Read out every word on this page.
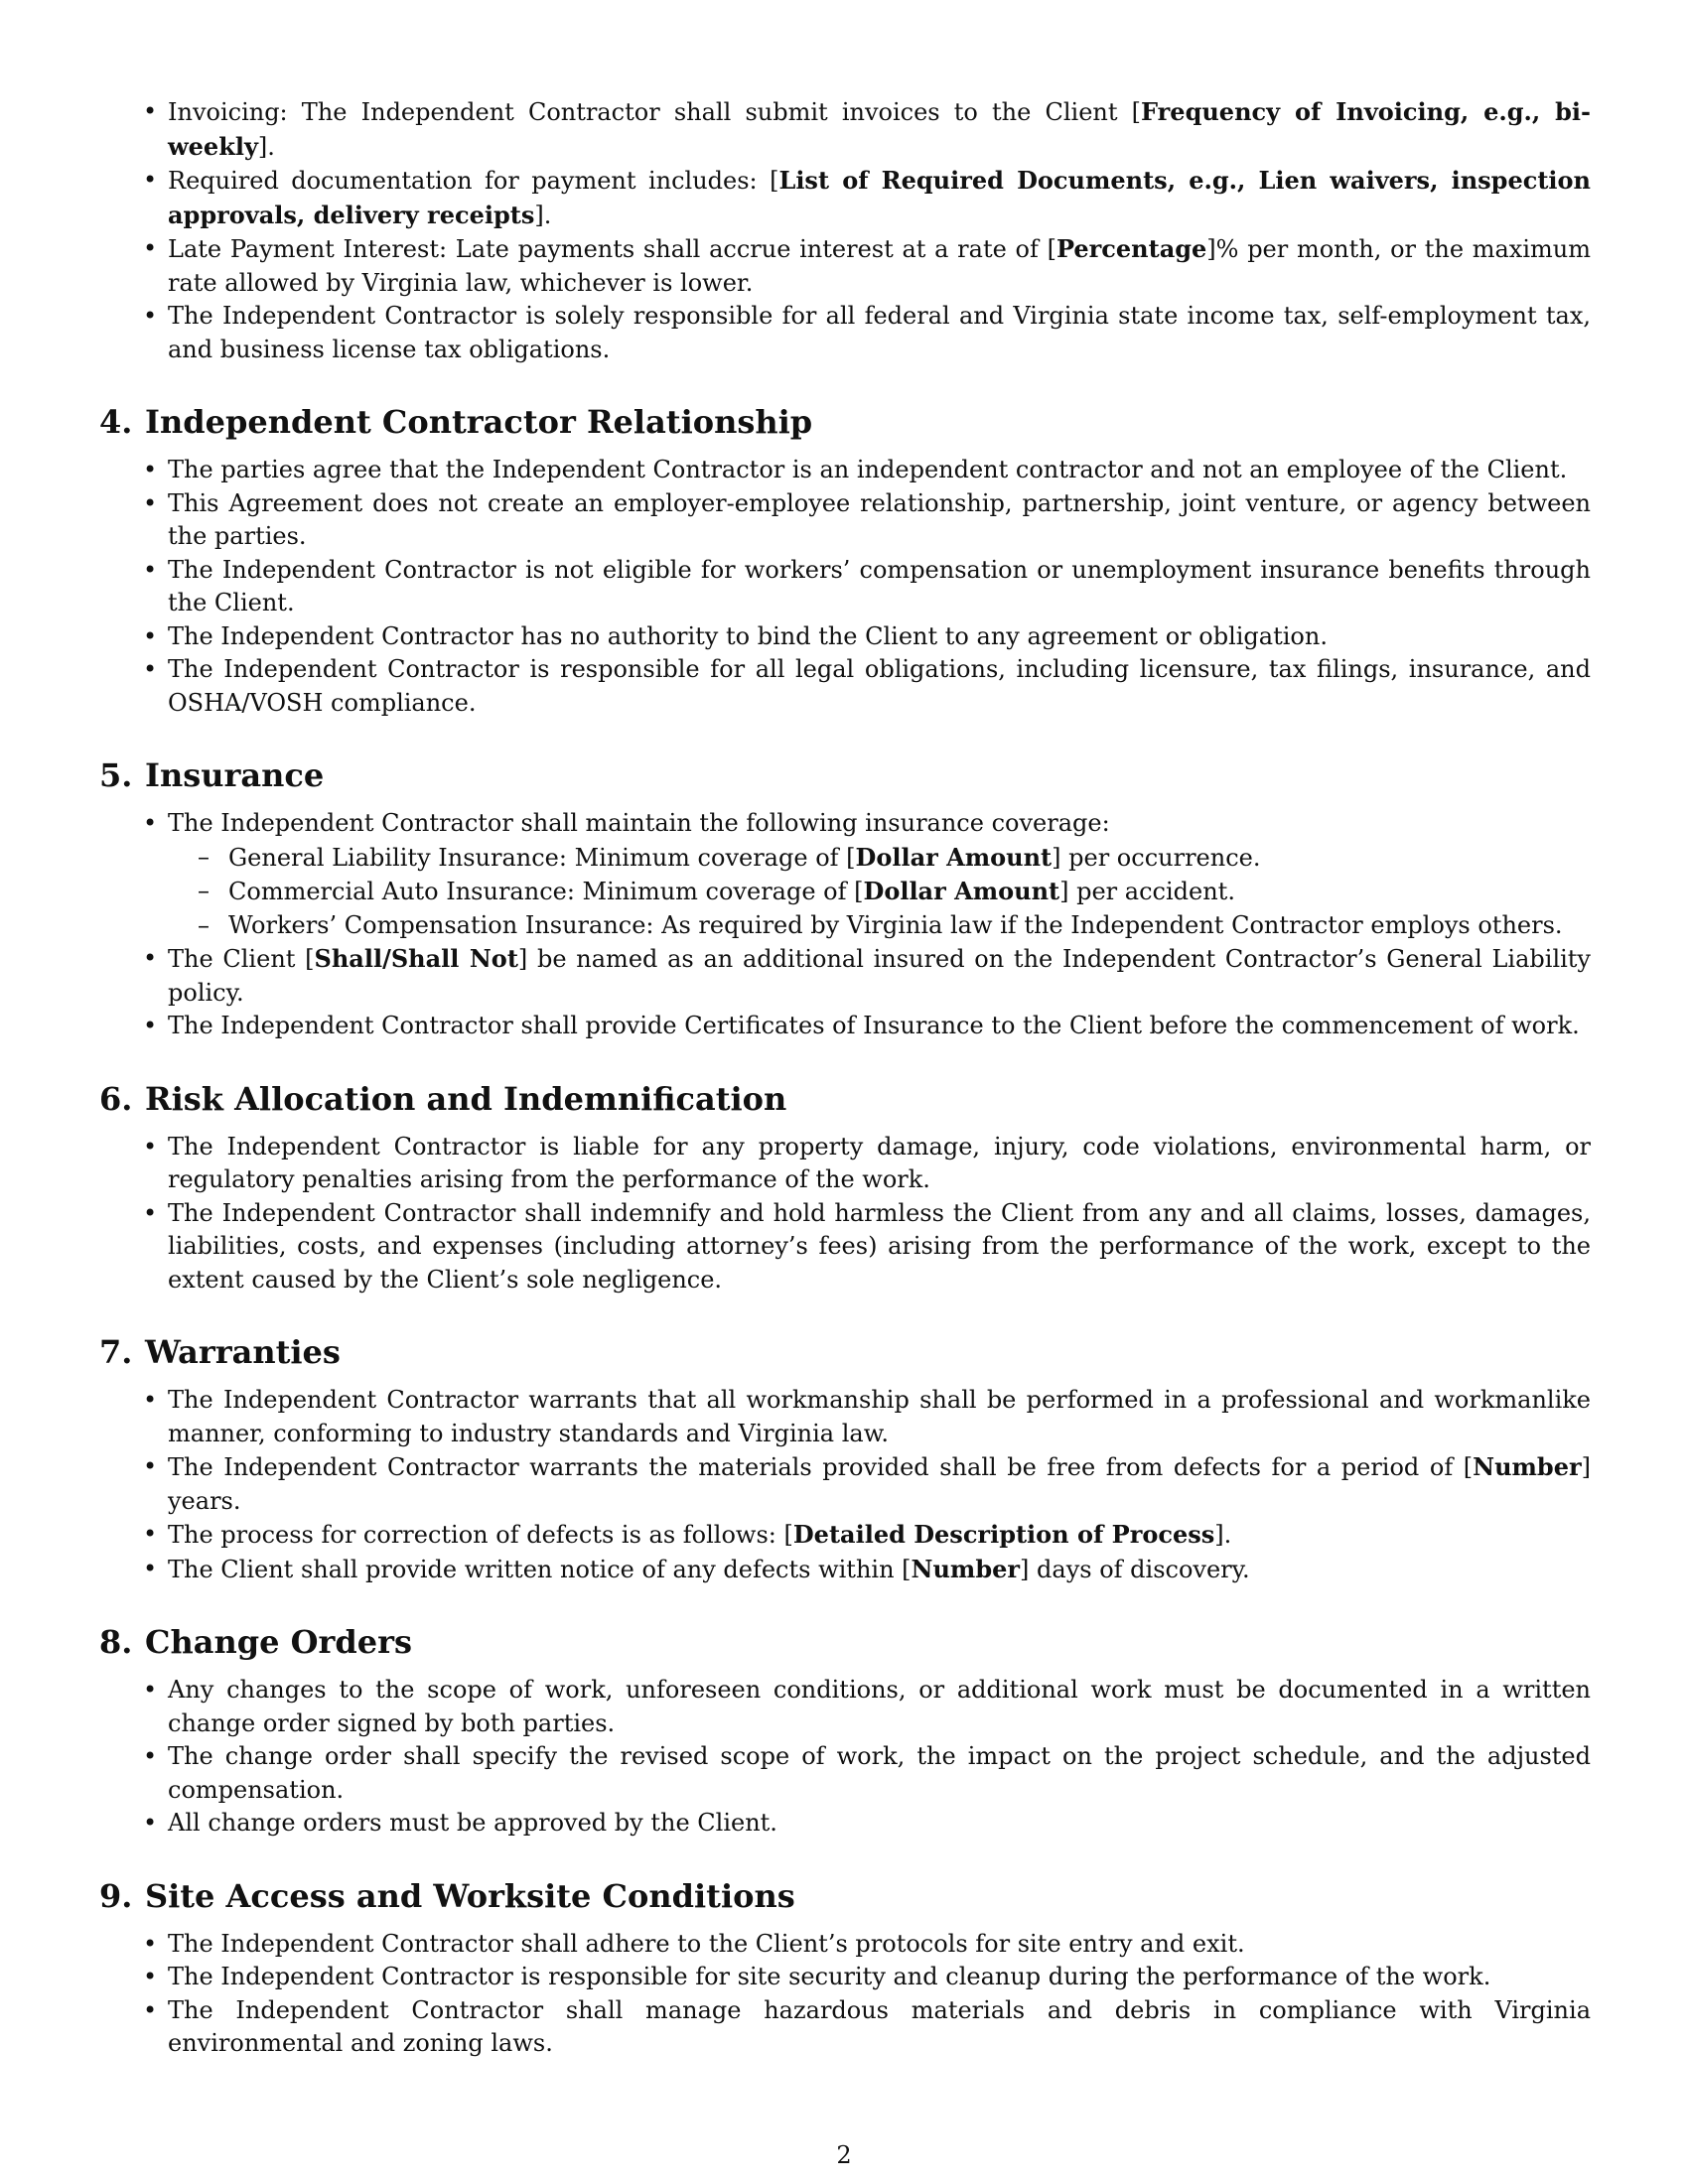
• Invoicing: The Independent Contractor shall submit invoices to the Client [Frequency of Invoicing, e.g., bi-weekly].
• Required documentation for payment includes: [List of Required Documents, e.g., Lien waivers, inspection approvals, delivery receipts].
• Late Payment Interest: Late payments shall accrue interest at a rate of [Percentage]% per month, or the maximum rate allowed by Virginia law, whichever is lower.
• The Independent Contractor is solely responsible for all federal and Virginia state income tax, self-employment tax, and business license tax obligations.
4. Independent Contractor Relationship
• The parties agree that the Independent Contractor is an independent contractor and not an employee of the Client.
• This Agreement does not create an employer-employee relationship, partnership, joint venture, or agency between the parties.
• The Independent Contractor is not eligible for workers’ compensation or unemployment insurance benefits through the Client.
• The Independent Contractor has no authority to bind the Client to any agreement or obligation.
• The Independent Contractor is responsible for all legal obligations, including licensure, tax filings, insurance, and OSHA/VOSH compliance.
5. Insurance
• The Independent Contractor shall maintain the following insurance coverage:
– General Liability Insurance: Minimum coverage of [Dollar Amount] per occurrence.
– Commercial Auto Insurance: Minimum coverage of [Dollar Amount] per accident.
– Workers’ Compensation Insurance: As required by Virginia law if the Independent Contractor employs others.
• The Client [Shall/Shall Not] be named as an additional insured on the Independent Contractor’s General Liability policy.
• The Independent Contractor shall provide Certificates of Insurance to the Client before the commencement of work.
6. Risk Allocation and Indemnification
• The Independent Contractor is liable for any property damage, injury, code violations, environmental harm, or regulatory penalties arising from the performance of the work.
• The Independent Contractor shall indemnify and hold harmless the Client from any and all claims, losses, damages, liabilities, costs, and expenses (including attorney’s fees) arising from the performance of the work, except to the extent caused by the Client’s sole negligence.
7. Warranties
• The Independent Contractor warrants that all workmanship shall be performed in a professional and workmanlike manner, conforming to industry standards and Virginia law.
• The Independent Contractor warrants the materials provided shall be free from defects for a period of [Number] years.
• The process for correction of defects is as follows: [Detailed Description of Process].
• The Client shall provide written notice of any defects within [Number] days of discovery.
8. Change Orders
• Any changes to the scope of work, unforeseen conditions, or additional work must be documented in a written change order signed by both parties.
• The change order shall specify the revised scope of work, the impact on the project schedule, and the adjusted compensation.
• All change orders must be approved by the Client.
9. Site Access and Worksite Conditions
• The Independent Contractor shall adhere to the Client’s protocols for site entry and exit.
• The Independent Contractor is responsible for site security and cleanup during the performance of the work.
• The Independent Contractor shall manage hazardous materials and debris in compliance with Virginia environmental and zoning laws.
2
